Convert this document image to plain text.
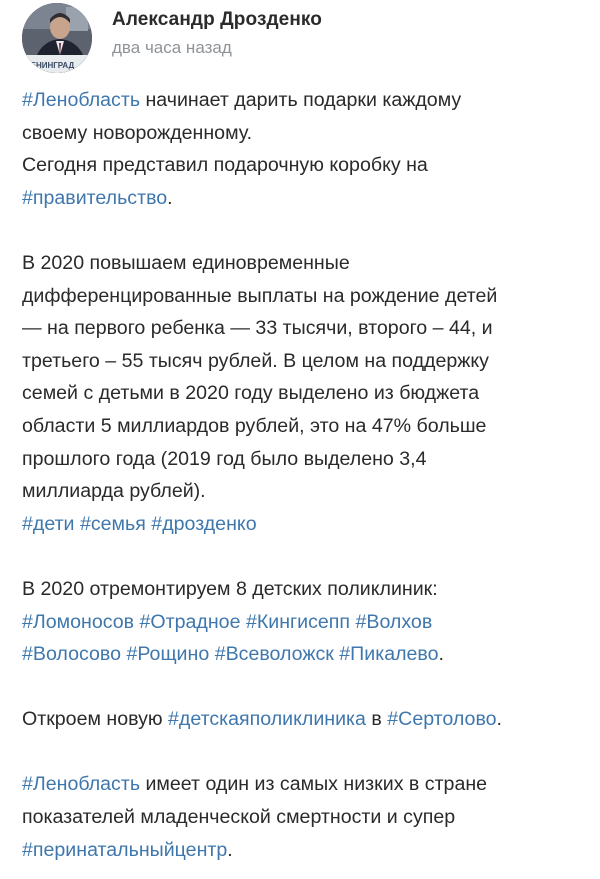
ЛЕНИНГРАД
Александр Дрозденко
два часа назад
#Ленобласть начинает дарить подарки каждому
своему новорожденному.
Сегодня представил подарочную коробку на
#правительство.
В 2020 повышаем единовременные
дифференцированные выплаты на рождение детей
— на первого ребенка — 33 тысячи, второго – 44, и
третьего – 55 тысяч рублей. В целом на поддержку
семей с детьми в 2020 году выделено из бюджета
области 5 миллиардов рублей, это на 47% больше
прошлого года (2019 год было выделено 3,4
миллиарда рублей).
#дети #семья #дрозденко
В 2020 отремонтируем 8 детских поликлиник:
#Ломоносов #Отрадное #Кингисепп #Волхов
#Волосово #Рощино #Всеволожск #Пикалево.
Откроем новую #детскаяполиклиника в #Сертолово.
#Ленобласть имеет один из самых низких в стране
показателей младенческой смертности и супер
#перинатальныйцентр.
